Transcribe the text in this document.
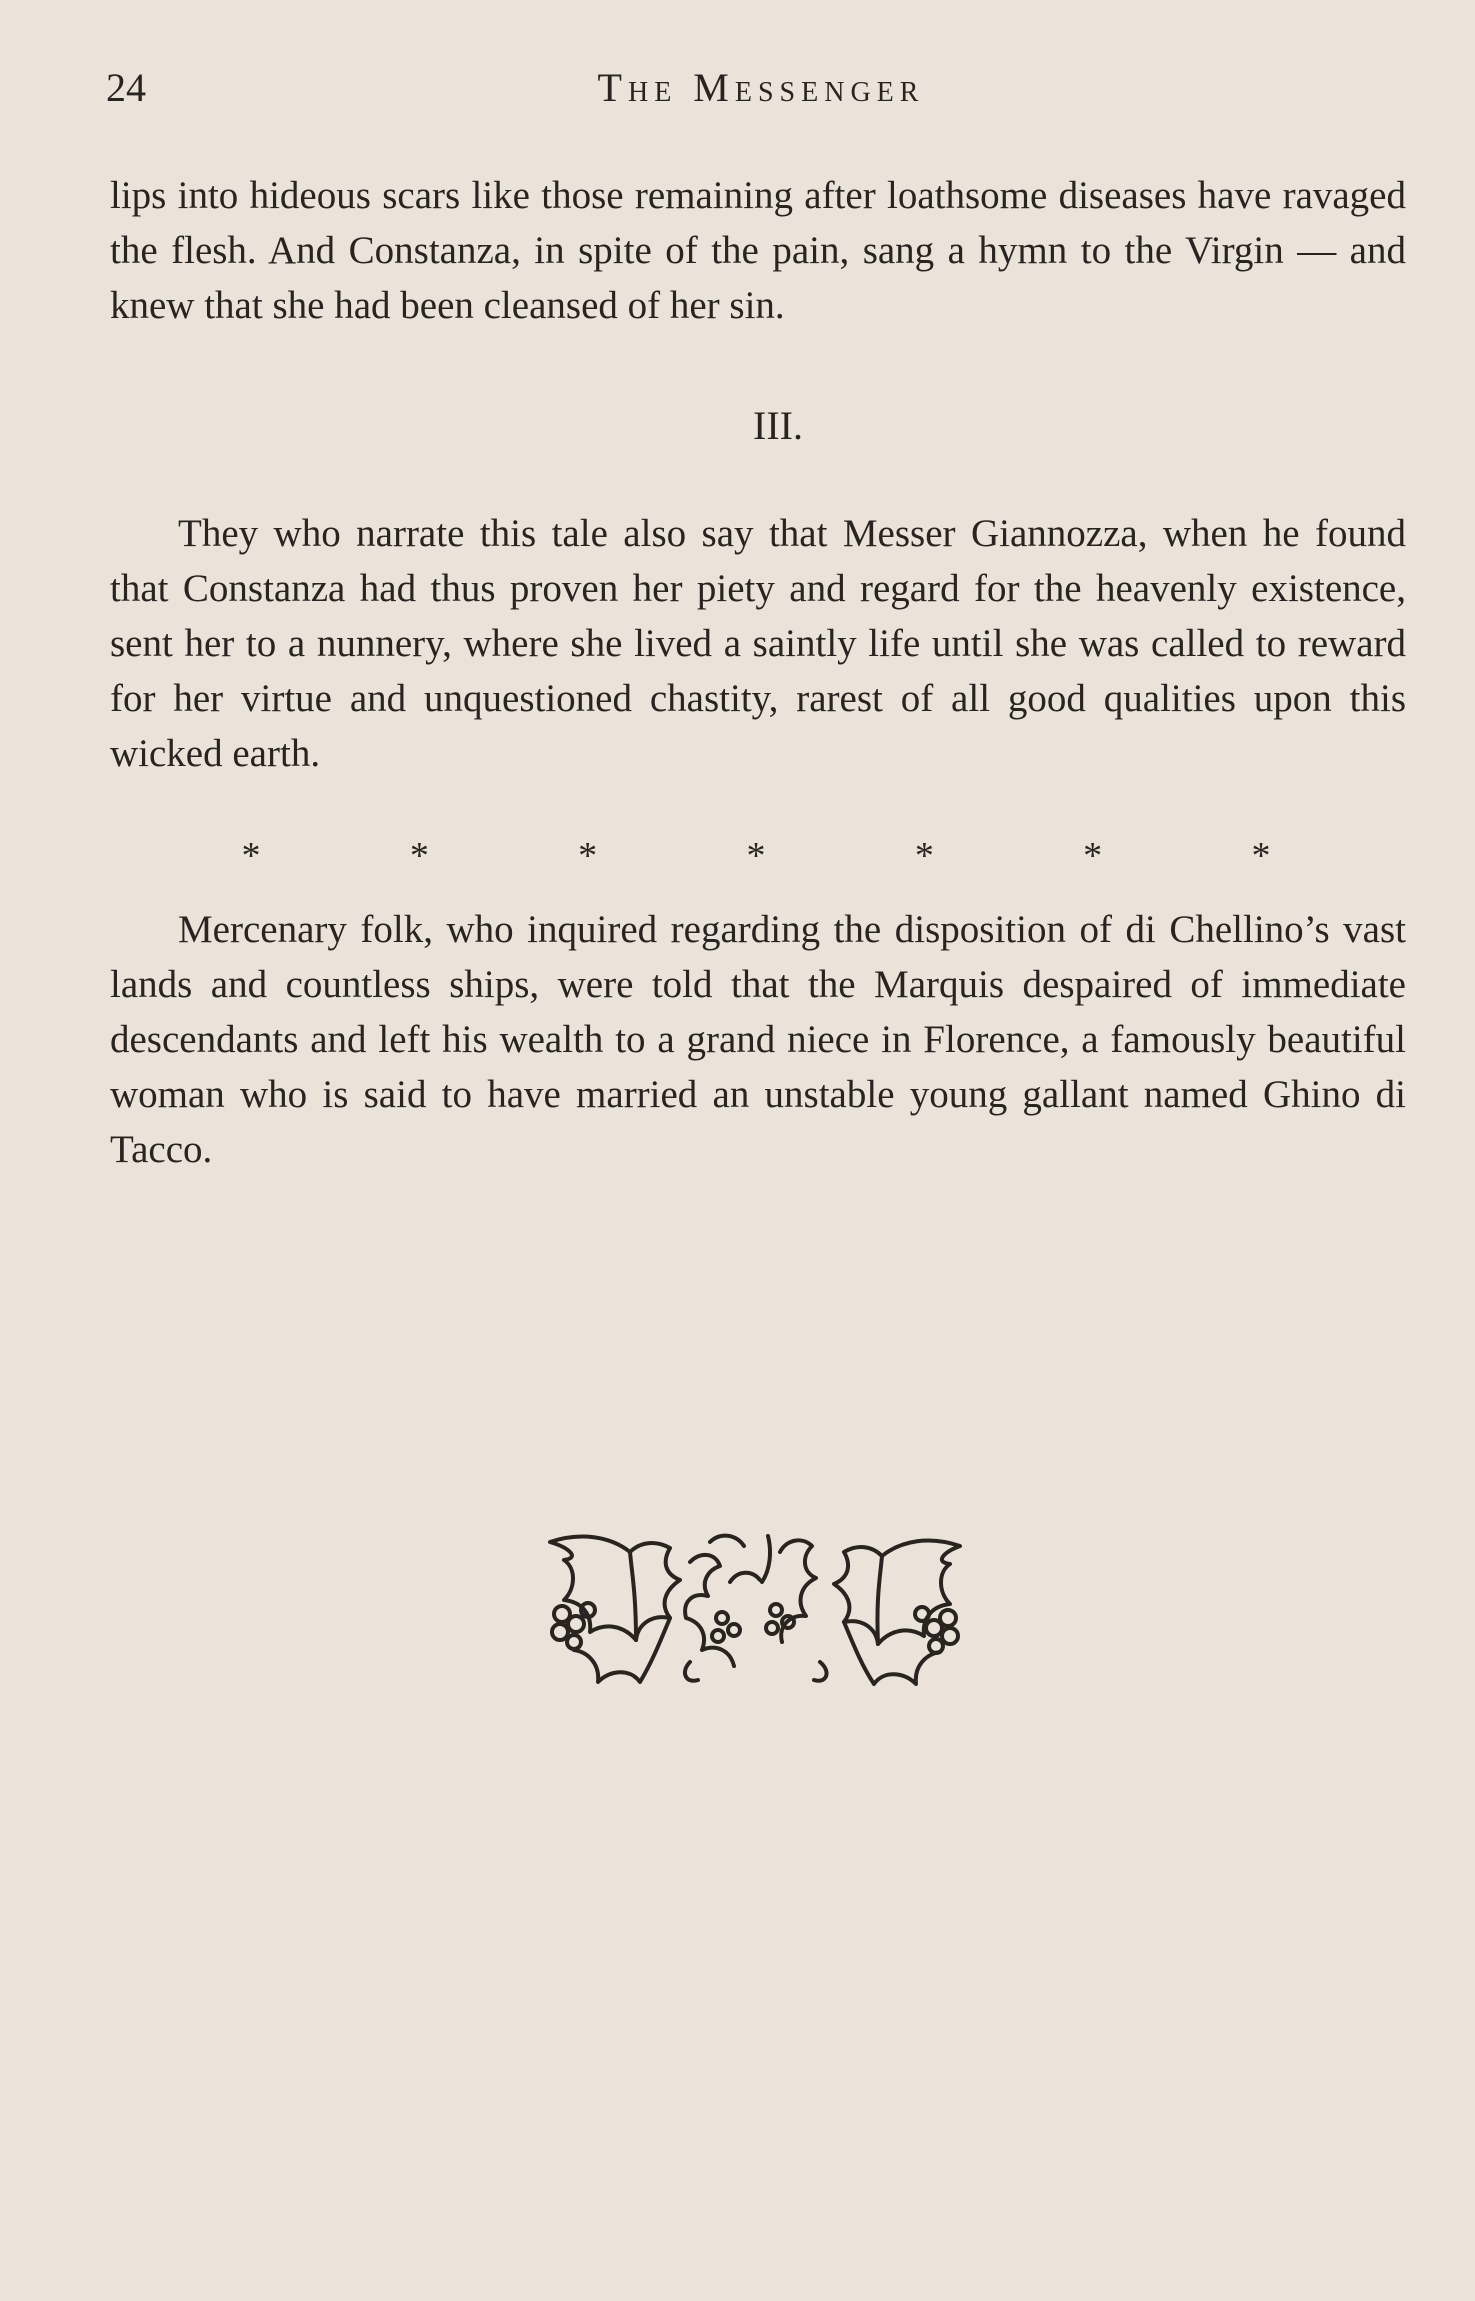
24	The Messenger

lips into hideous scars like those remaining after loathsome diseases have ravaged the flesh. And Constanza, in spite of the pain, sang a hymn to the Virgin — and knew that she had been cleansed of her sin.

III.

They who narrate this tale also say that Messer Giannozza, when he found that Constanza had thus proven her piety and regard for the heavenly existence, sent her to a nunnery, where she lived a saintly life until she was called to reward for her virtue and unquestioned chastity, rarest of all good qualities upon this wicked earth.

*	*	*	*	*	*	*

Mercenary folk, who inquired regarding the disposition of di Chellino’s vast lands and countless ships, were told that the Marquis despaired of immediate descendants and left his wealth to a grand niece in Florence, a famously beautiful woman who is said to have married an unstable young gallant named Ghino di Tacco.
